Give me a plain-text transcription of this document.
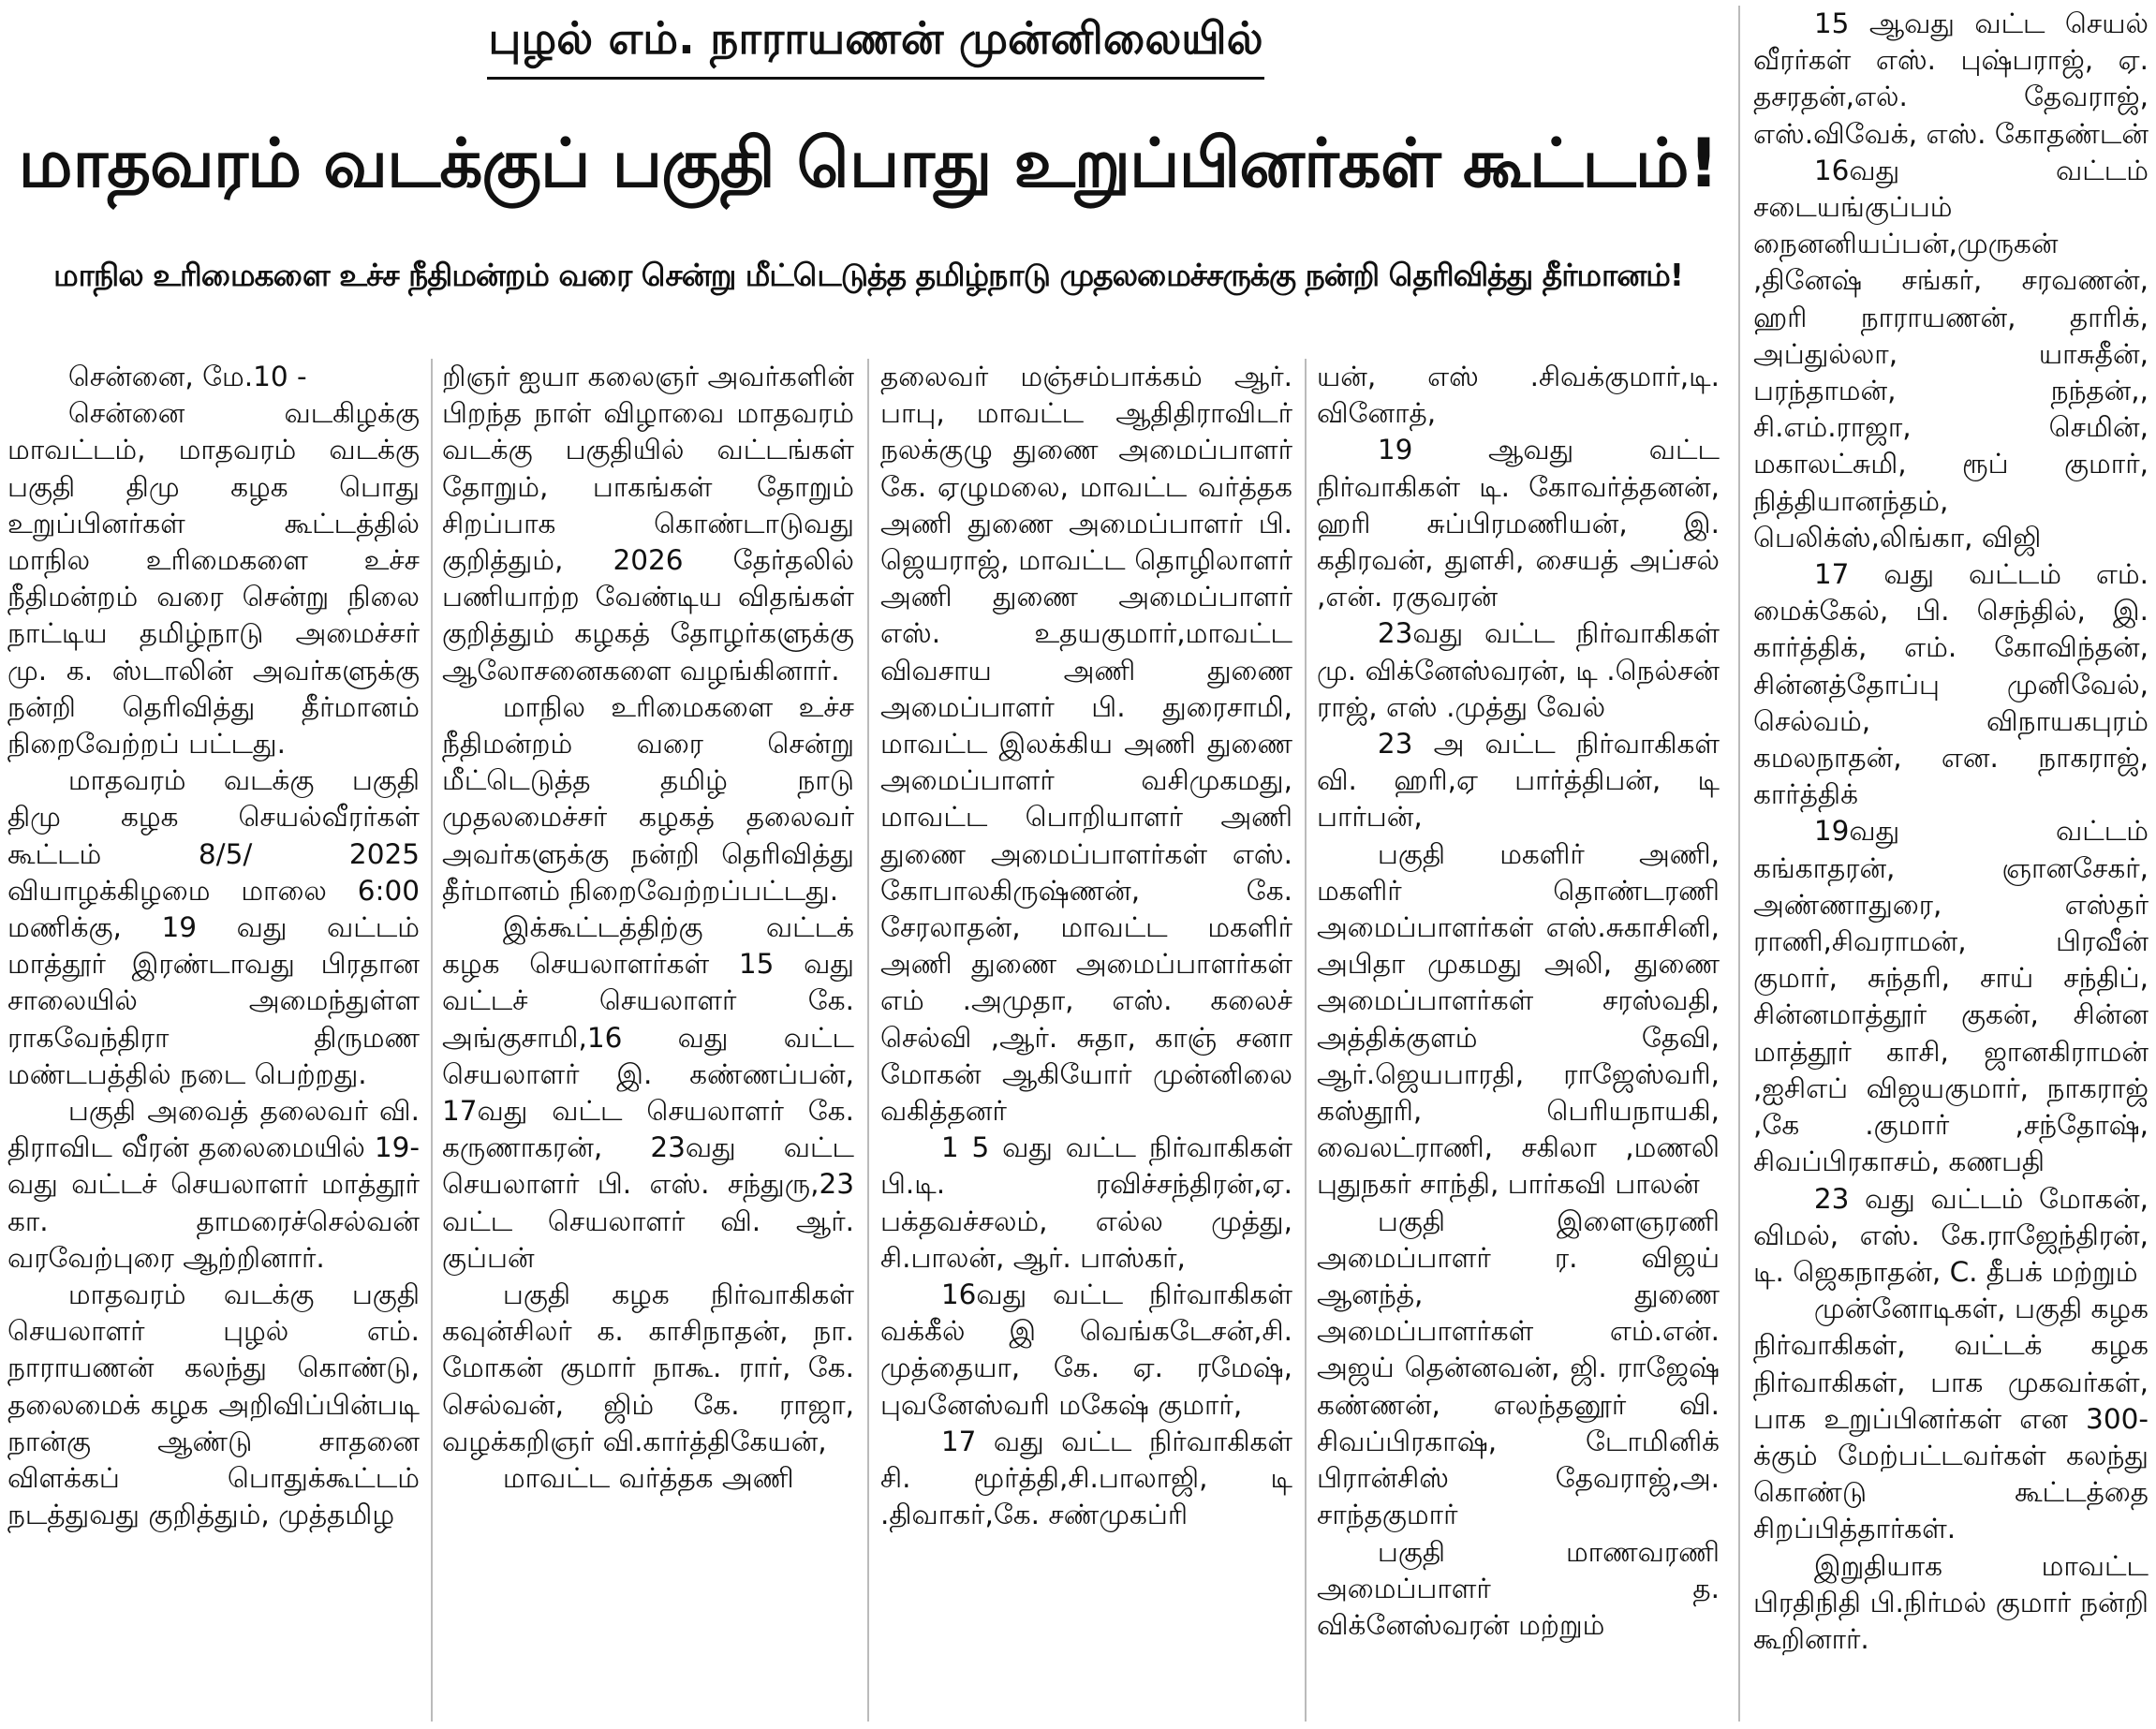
புழல் எம். நாராயணன் முன்னிலையில்
மாதவரம் வடக்குப் பகுதி பொது உறுப்பினர்கள் கூட்டம்!
மாநில உரிமைகளை உச்ச நீதிமன்றம் வரை சென்று மீட்டெடுத்த தமிழ்நாடு முதலமைச்சருக்கு நன்றி தெரிவித்து தீர்மானம்!

சென்னை, மே.10 -

சென்னை வடகிழக்கு மாவட்டம், மாதவரம் வடக்கு பகுதி திமு கழக பொது உறுப்பினர்கள் கூட்டத்தில் மாநில உரிமைகளை உச்ச நீதிமன்றம் வரை சென்று நிலை நாட்டிய தமிழ்நாடு அமைச்சர் மு. க. ஸ்டாலின் அவர்களுக்கு நன்றி தெரிவித்து தீர்மானம் நிறைவேற்றப் பட்டது.

மாதவரம் வடக்கு பகுதி திமு கழக செயல்வீரர்கள் கூட்டம் 8/5/ 2025 வியாழக்கிழமை மாலை 6:00 மணிக்கு, 19 வது வட்டம் மாத்தூர் இரண்டாவது பிரதான சாலையில் அமைந்துள்ள ராகவேந்திரா திருமண மண்டபத்தில் நடை பெற்றது.

பகுதி அவைத் தலைவர் வி. திராவிட வீரன் தலைமையில் 19-வது வட்டச் செயலாளர் மாத்தூர் கா. தாமரைச்செல்வன் வரவேற்புரை ஆற்றினார்.

மாதவரம் வடக்கு பகுதி செயலாளர் புழல் எம். நாராயணன் கலந்து கொண்டு, தலைமைக் கழக அறிவிப்பின்படி நான்கு ஆண்டு சாதனை விளக்கப் பொதுக்கூட்டம் நடத்துவது குறித்தும், முத்தமிழ

றிஞர் ஐயா கலைஞர் அவர்களின் பிறந்த நாள் விழாவை மாதவரம் வடக்கு பகுதியில் வட்டங்கள் தோறும், பாகங்கள் தோறும் சிறப்பாக கொண்டாடுவது குறித்தும், 2026 தேர்தலில் பணியாற்ற வேண்டிய விதங்கள் குறித்தும் கழகத் தோழர்களுக்கு ஆலோசனைகளை வழங்கினார்.

மாநில உரிமைகளை உச்ச நீதிமன்றம் வரை சென்று மீட்டெடுத்த தமிழ் நாடு முதலமைச்சர் கழகத் தலைவர் அவர்களுக்கு நன்றி தெரிவித்து தீர்மானம் நிறைவேற்றப்பட்டது.

இக்கூட்டத்திற்கு வட்டக் கழக செயலாளர்கள் 15 வது வட்டச் செயலாளர் கே. அங்குசாமி,16 வது வட்ட செயலாளர் இ. கண்ணப்பன், 17வது வட்ட செயலாளர் கே. கருணாகரன், 23வது வட்ட செயலாளர் பி. எஸ். சந்துரு,23 வட்ட செயலாளர் வி. ஆர். குப்பன்

பகுதி கழக நிர்வாகிகள் கவுன்சிலர் க. காசிநாதன், நா. மோகன் குமார் நாகூ. ரார், கே. செல்வன், ஜிம் கே. ராஜா, வழக்கறிஞர் வி.கார்த்திகேயன்,

மாவட்ட வர்த்தக அணி

தலைவர் மஞ்சம்பாக்கம் ஆர். பாபு, மாவட்ட ஆதிதிராவிடர் நலக்குழு துணை அமைப்பாளர் கே. ஏழுமலை, மாவட்ட வர்த்தக அணி துணை அமைப்பாளர் பி. ஜெயராஜ், மாவட்ட தொழிலாளர் அணி துணை அமைப்பாளர் எஸ். உதயகுமார்,மாவட்ட விவசாய அணி துணை அமைப்பாளர் பி. துரைசாமி, மாவட்ட இலக்கிய அணி துணை அமைப்பாளர் வசிமுகமது, மாவட்ட பொறியாளர் அணி துணை அமைப்பாளர்கள் எஸ். கோபாலகிருஷ்ணன், கே. சேரலாதன், மாவட்ட மகளிர் அணி துணை அமைப்பாளர்கள் எம் .அமுதா, எஸ். கலைச் செல்வி ,ஆர். சுதா, காஞ் சனா மோகன் ஆகியோர் முன்னிலை வகித்தனர்

1 5 வது வட்ட நிர்வாகிகள் பி.டி. ரவிச்சந்திரன்,ஏ. பக்தவச்சலம், எல்ல முத்து, சி.பாலன், ஆர். பாஸ்கர்,

16வது வட்ட நிர்வாகிகள் வக்கீல் இ வெங்கடேசன்,சி. முத்தையா, கே. ஏ. ரமேஷ், புவனேஸ்வரி மகேஷ் குமார்,

17 வது வட்ட நிர்வாகிகள் சி. மூர்த்தி,சி.பாலாஜி, டி .திவாகர்,கே. சண்முகப்ரி

யன், எஸ் .சிவக்குமார்,டி. வினோத்,

19 ஆவது வட்ட நிர்வாகிகள் டி. கோவர்த்தனன், ஹரி சுப்பிரமணியன், இ. கதிரவன், துளசி, சையத் அப்சல் ,என். ரகுவரன்

23வது வட்ட நிர்வாகிகள் மு. விக்னேஸ்வரன், டி .நெல்சன் ராஜ், எஸ் .முத்து வேல்

23 அ வட்ட நிர்வாகிகள் வி. ஹரி,ஏ பார்த்திபன், டி பார்பன்,

பகுதி மகளிர் அணி, மகளிர் தொண்டரணி அமைப்பாளர்கள் எஸ்.சுகாசினி, அபிதா முகமது அலி, துணை அமைப்பாளர்கள் சரஸ்வதி, அத்திக்குளம் தேவி, ஆர்.ஜெயபாரதி, ராஜேஸ்வரி, கஸ்தூரி, பெரியநாயகி, வைலட்ராணி, சகிலா ,மணலி புதுநகர் சாந்தி, பார்கவி பாலன்

பகுதி இளைஞரணி அமைப்பாளர் ர. விஜய் ஆனந்த், துணை அமைப்பாளர்கள் எம்.என். அஜய் தென்னவன், ஜி. ராஜேஷ் கண்ணன், எலந்தனூர் வி. சிவப்பிரகாஷ், டோமினிக் பிரான்சிஸ் தேவராஜ்,அ. சாந்தகுமார்

பகுதி மாணவரணி அமைப்பாளர் த. விக்னேஸ்வரன் மற்றும்

15 ஆவது வட்ட செயல் வீரர்கள் எஸ். புஷ்பராஜ், ஏ. தசரதன்,எல். தேவராஜ், எஸ்.விவேக், எஸ். கோதண்டன்

16வது வட்டம் சடையங்குப்பம் நைனனியப்பன்,முருகன் ,தினேஷ் சங்கர், சரவணன், ஹரி நாராயணன், தாரிக், அப்துல்லா, யாசுதீன், பரந்தாமன், நந்தன்,, சி.எம்.ராஜா, செமின், மகாலட்சுமி, ரூப் குமார், நித்தியானந்தம், பெலிக்ஸ்,லிங்கா, விஜி

17 வது வட்டம் எம். மைக்கேல், பி. செந்தில், இ. கார்த்திக், எம். கோவிந்தன், சின்னத்தோப்பு முனிவேல், செல்வம், விநாயகபுரம் கமலநாதன், என. நாகராஜ், கார்த்திக்

19வது வட்டம் கங்காதரன், ஞானசேகர், அண்ணாதுரை, எஸ்தர் ராணி,சிவராமன், பிரவீன் குமார், சுந்தரி, சாய் சந்திப், சின்னமாத்தூர் குகன், சின்ன மாத்தூர் காசி, ஜானகிராமன் ,ஐசிஎப் விஜயகுமார், நாகராஜ் ,கே .குமார் ,சந்தோஷ், சிவப்பிரகாசம், கணபதி

23 வது வட்டம் மோகன், விமல், எஸ். கே.ராஜேந்திரன், டி. ஜெகநாதன், C. தீபக் மற்றும்

முன்னோடிகள், பகுதி கழக நிர்வாகிகள், வட்டக் கழக நிர்வாகிகள், பாக முகவர்கள், பாக உறுப்பினர்கள் என 300-க்கும் மேற்பட்டவர்கள் கலந்து கொண்டு கூட்டத்தை சிறப்பித்தார்கள்.

இறுதியாக மாவட்ட பிரதிநிதி பி.நிர்மல் குமார் நன்றி கூறினார்.
